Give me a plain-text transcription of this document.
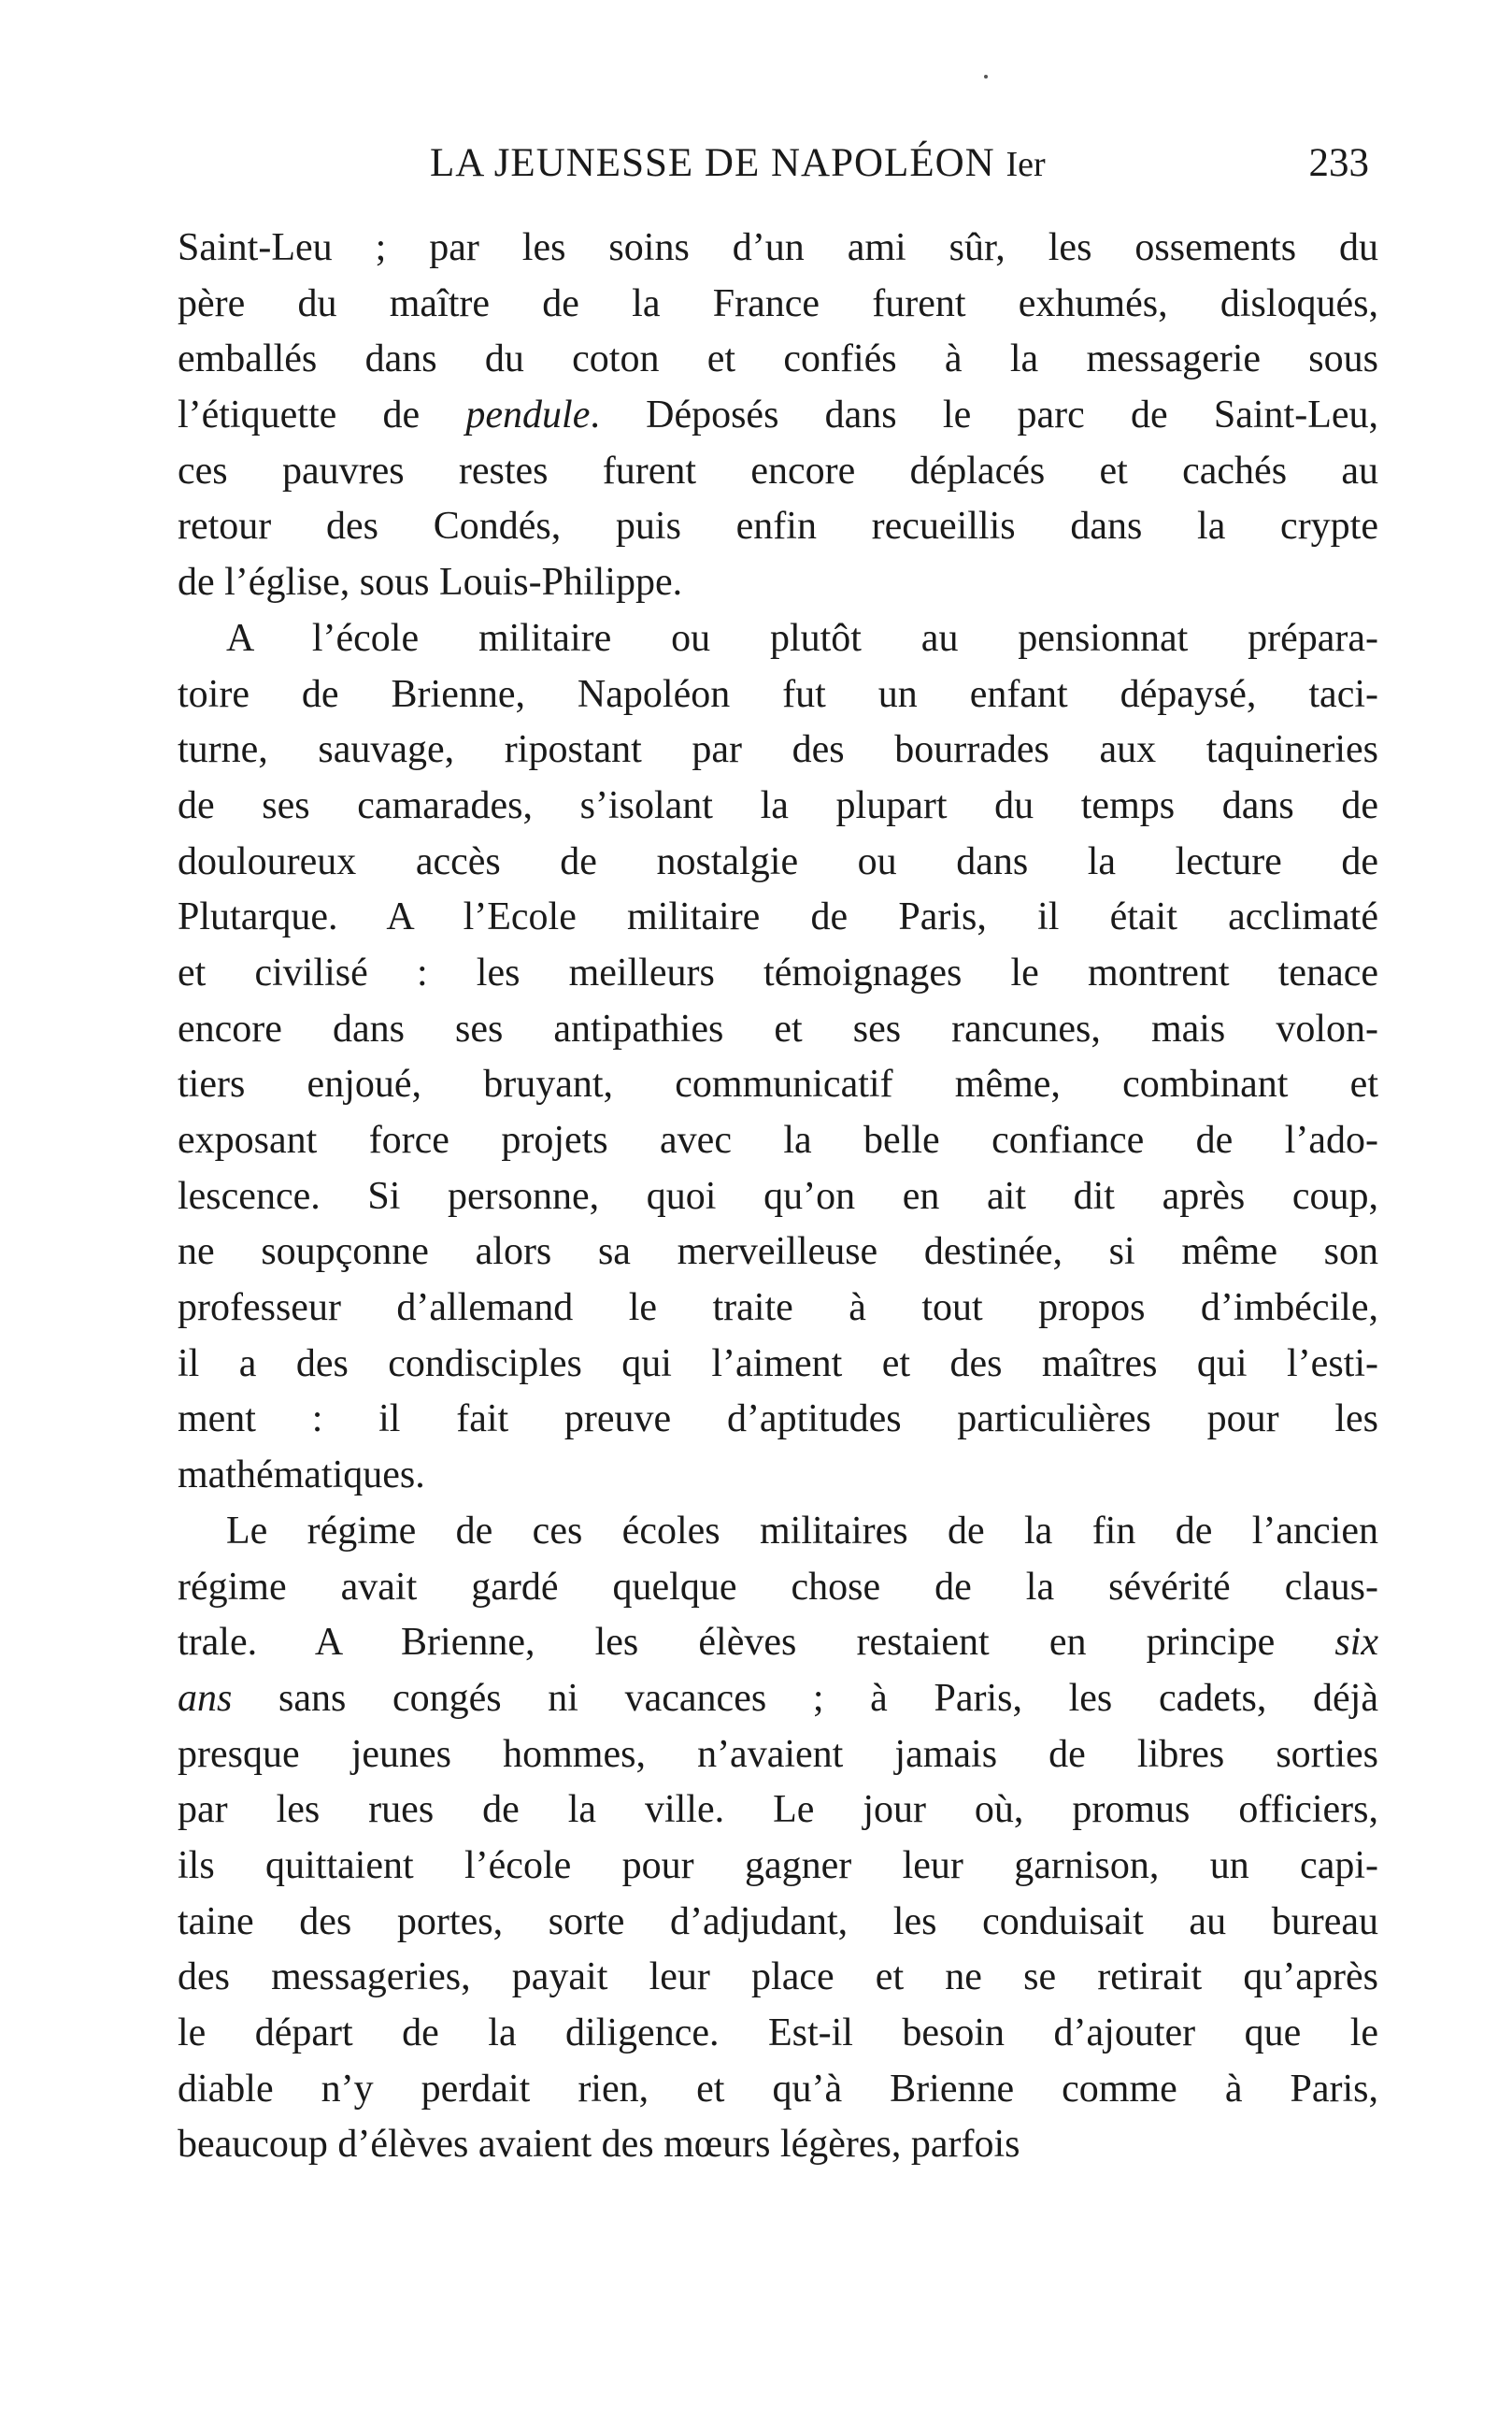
LA JEUNESSE DE NAPOLÉON Ier	233
Saint-Leu ; par les soins d’un ami sûr, les ossements du
père du maître de la France furent exhumés, disloqués,
emballés dans du coton et confiés à la messagerie sous
l’étiquette de pendule. Déposés dans le parc de Saint-Leu,
ces pauvres restes furent encore déplacés et cachés au
retour des Condés, puis enfin recueillis dans la crypte
de l’église, sous Louis-Philippe.
A l’école militaire ou plutôt au pensionnat prépara-
toire de Brienne, Napoléon fut un enfant dépaysé, taci-
turne, sauvage, ripostant par des bourrades aux taquineries
de ses camarades, s’isolant la plupart du temps dans de
douloureux accès de nostalgie ou dans la lecture de
Plutarque. A l’Ecole militaire de Paris, il était acclimaté
et civilisé : les meilleurs témoignages le montrent tenace
encore dans ses antipathies et ses rancunes, mais volon-
tiers enjoué, bruyant, communicatif même, combinant et
exposant force projets avec la belle confiance de l’ado-
lescence. Si personne, quoi qu’on en ait dit après coup,
ne soupçonne alors sa merveilleuse destinée, si même son
professeur d’allemand le traite à tout propos d’imbécile,
il a des condisciples qui l’aiment et des maîtres qui l’esti-
ment : il fait preuve d’aptitudes particulières pour les
mathématiques.
Le régime de ces écoles militaires de la fin de l’ancien
régime avait gardé quelque chose de la sévérité claus-
trale. A Brienne, les élèves restaient en principe six
ans sans congés ni vacances ; à Paris, les cadets, déjà
presque jeunes hommes, n’avaient jamais de libres sorties
par les rues de la ville. Le jour où, promus officiers,
ils quittaient l’école pour gagner leur garnison, un capi-
taine des portes, sorte d’adjudant, les conduisait au bureau
des messageries, payait leur place et ne se retirait qu’après
le départ de la diligence. Est-il besoin d’ajouter que le
diable n’y perdait rien, et qu’à Brienne comme à Paris,
beaucoup d’élèves avaient des mœurs légères, parfois
